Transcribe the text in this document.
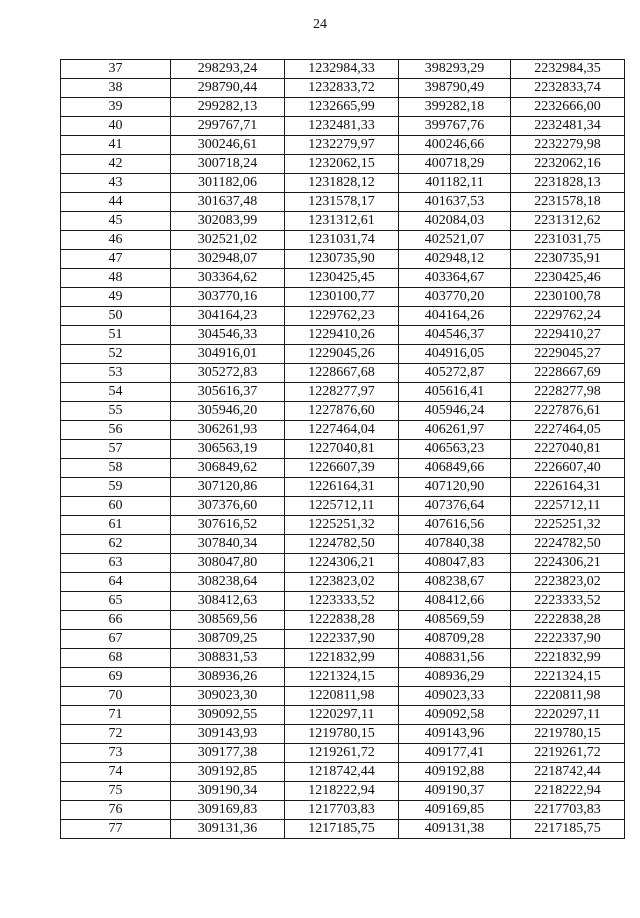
24
37	298293,24	1232984,33	398293,29	2232984,35
38	298790,44	1232833,72	398790,49	2232833,74
39	299282,13	1232665,99	399282,18	2232666,00
40	299767,71	1232481,33	399767,76	2232481,34
41	300246,61	1232279,97	400246,66	2232279,98
42	300718,24	1232062,15	400718,29	2232062,16
43	301182,06	1231828,12	401182,11	2231828,13
44	301637,48	1231578,17	401637,53	2231578,18
45	302083,99	1231312,61	402084,03	2231312,62
46	302521,02	1231031,74	402521,07	2231031,75
47	302948,07	1230735,90	402948,12	2230735,91
48	303364,62	1230425,45	403364,67	2230425,46
49	303770,16	1230100,77	403770,20	2230100,78
50	304164,23	1229762,23	404164,26	2229762,24
51	304546,33	1229410,26	404546,37	2229410,27
52	304916,01	1229045,26	404916,05	2229045,27
53	305272,83	1228667,68	405272,87	2228667,69
54	305616,37	1228277,97	405616,41	2228277,98
55	305946,20	1227876,60	405946,24	2227876,61
56	306261,93	1227464,04	406261,97	2227464,05
57	306563,19	1227040,81	406563,23	2227040,81
58	306849,62	1226607,39	406849,66	2226607,40
59	307120,86	1226164,31	407120,90	2226164,31
60	307376,60	1225712,11	407376,64	2225712,11
61	307616,52	1225251,32	407616,56	2225251,32
62	307840,34	1224782,50	407840,38	2224782,50
63	308047,80	1224306,21	408047,83	2224306,21
64	308238,64	1223823,02	408238,67	2223823,02
65	308412,63	1223333,52	408412,66	2223333,52
66	308569,56	1222838,28	408569,59	2222838,28
67	308709,25	1222337,90	408709,28	2222337,90
68	308831,53	1221832,99	408831,56	2221832,99
69	308936,26	1221324,15	408936,29	2221324,15
70	309023,30	1220811,98	409023,33	2220811,98
71	309092,55	1220297,11	409092,58	2220297,11
72	309143,93	1219780,15	409143,96	2219780,15
73	309177,38	1219261,72	409177,41	2219261,72
74	309192,85	1218742,44	409192,88	2218742,44
75	309190,34	1218222,94	409190,37	2218222,94
76	309169,83	1217703,83	409169,85	2217703,83
77	309131,36	1217185,75	409131,38	2217185,75
